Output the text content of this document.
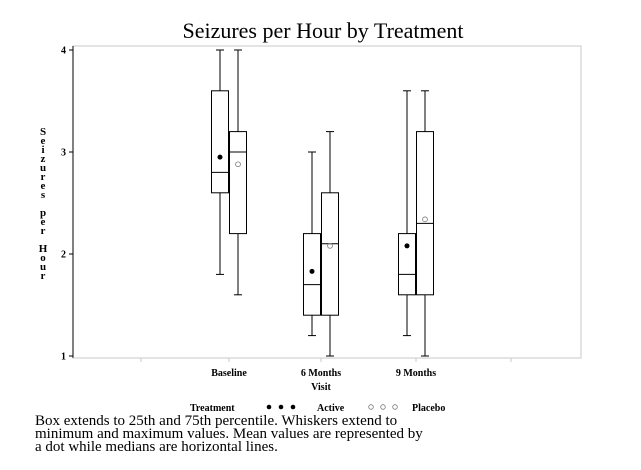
Seizures per Hour by Treatment
1
2
3
4
Baseline	6 Months	9 Months
Visit
S e i z u r e s p e r H o u r
Treatment	Active	Placebo

Box extends to 25th and 75th percentile. Whiskers extend to
minimum and maximum values. Mean values are represented by
a dot while medians are horizontal lines.
